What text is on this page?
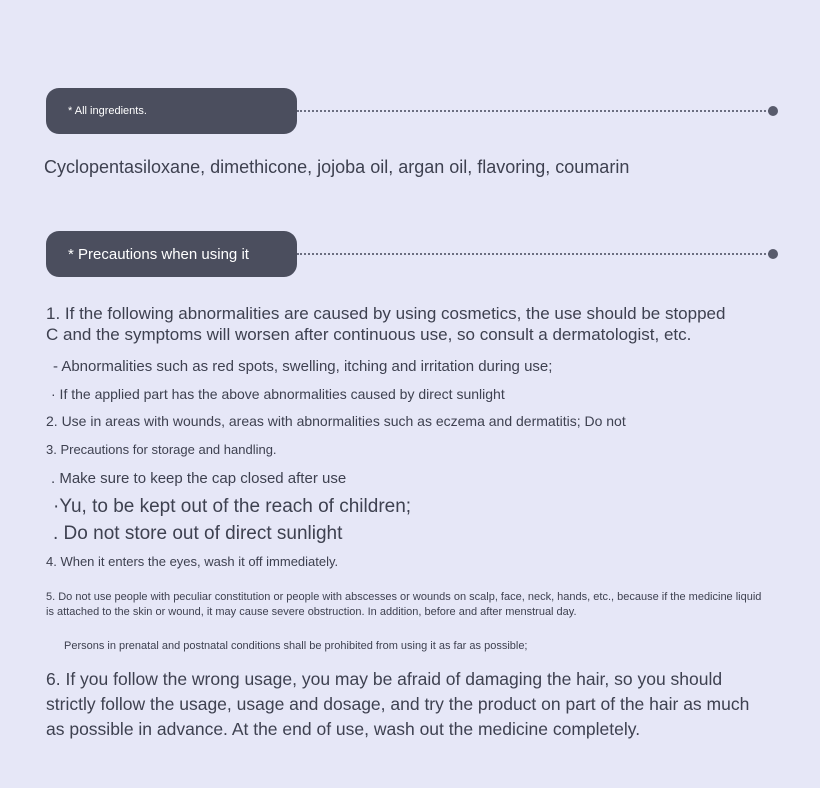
* All ingredients.
Cyclopentasiloxane, dimethicone, jojoba oil, argan oil, flavoring, coumarin
* Precautions when using it
1. If the following abnormalities are caused by using cosmetics, the use should be stopped
C and the symptoms will worsen after continuous use, so consult a dermatologist, etc.
- Abnormalities such as red spots, swelling, itching and irritation during use;
· If the applied part has the above abnormalities caused by direct sunlight
2. Use in areas with wounds, areas with abnormalities such as eczema and dermatitis; Do not
3. Precautions for storage and handling.
. Make sure to keep the cap closed after use
·Yu, to be kept out of the reach of children;
. Do not store out of direct sunlight
4. When it enters the eyes, wash it off immediately.
5. Do not use people with peculiar constitution or people with abscesses or wounds on scalp, face, neck, hands, etc., because if the medicine liquid is attached to the skin or wound, it may cause severe obstruction. In addition, before and after menstrual day.
Persons in prenatal and postnatal conditions shall be prohibited from using it as far as possible;
6. If you follow the wrong usage, you may be afraid of damaging the hair, so you should strictly follow the usage, usage and dosage, and try the product on part of the hair as much as possible in advance. At the end of use, wash out the medicine completely.
